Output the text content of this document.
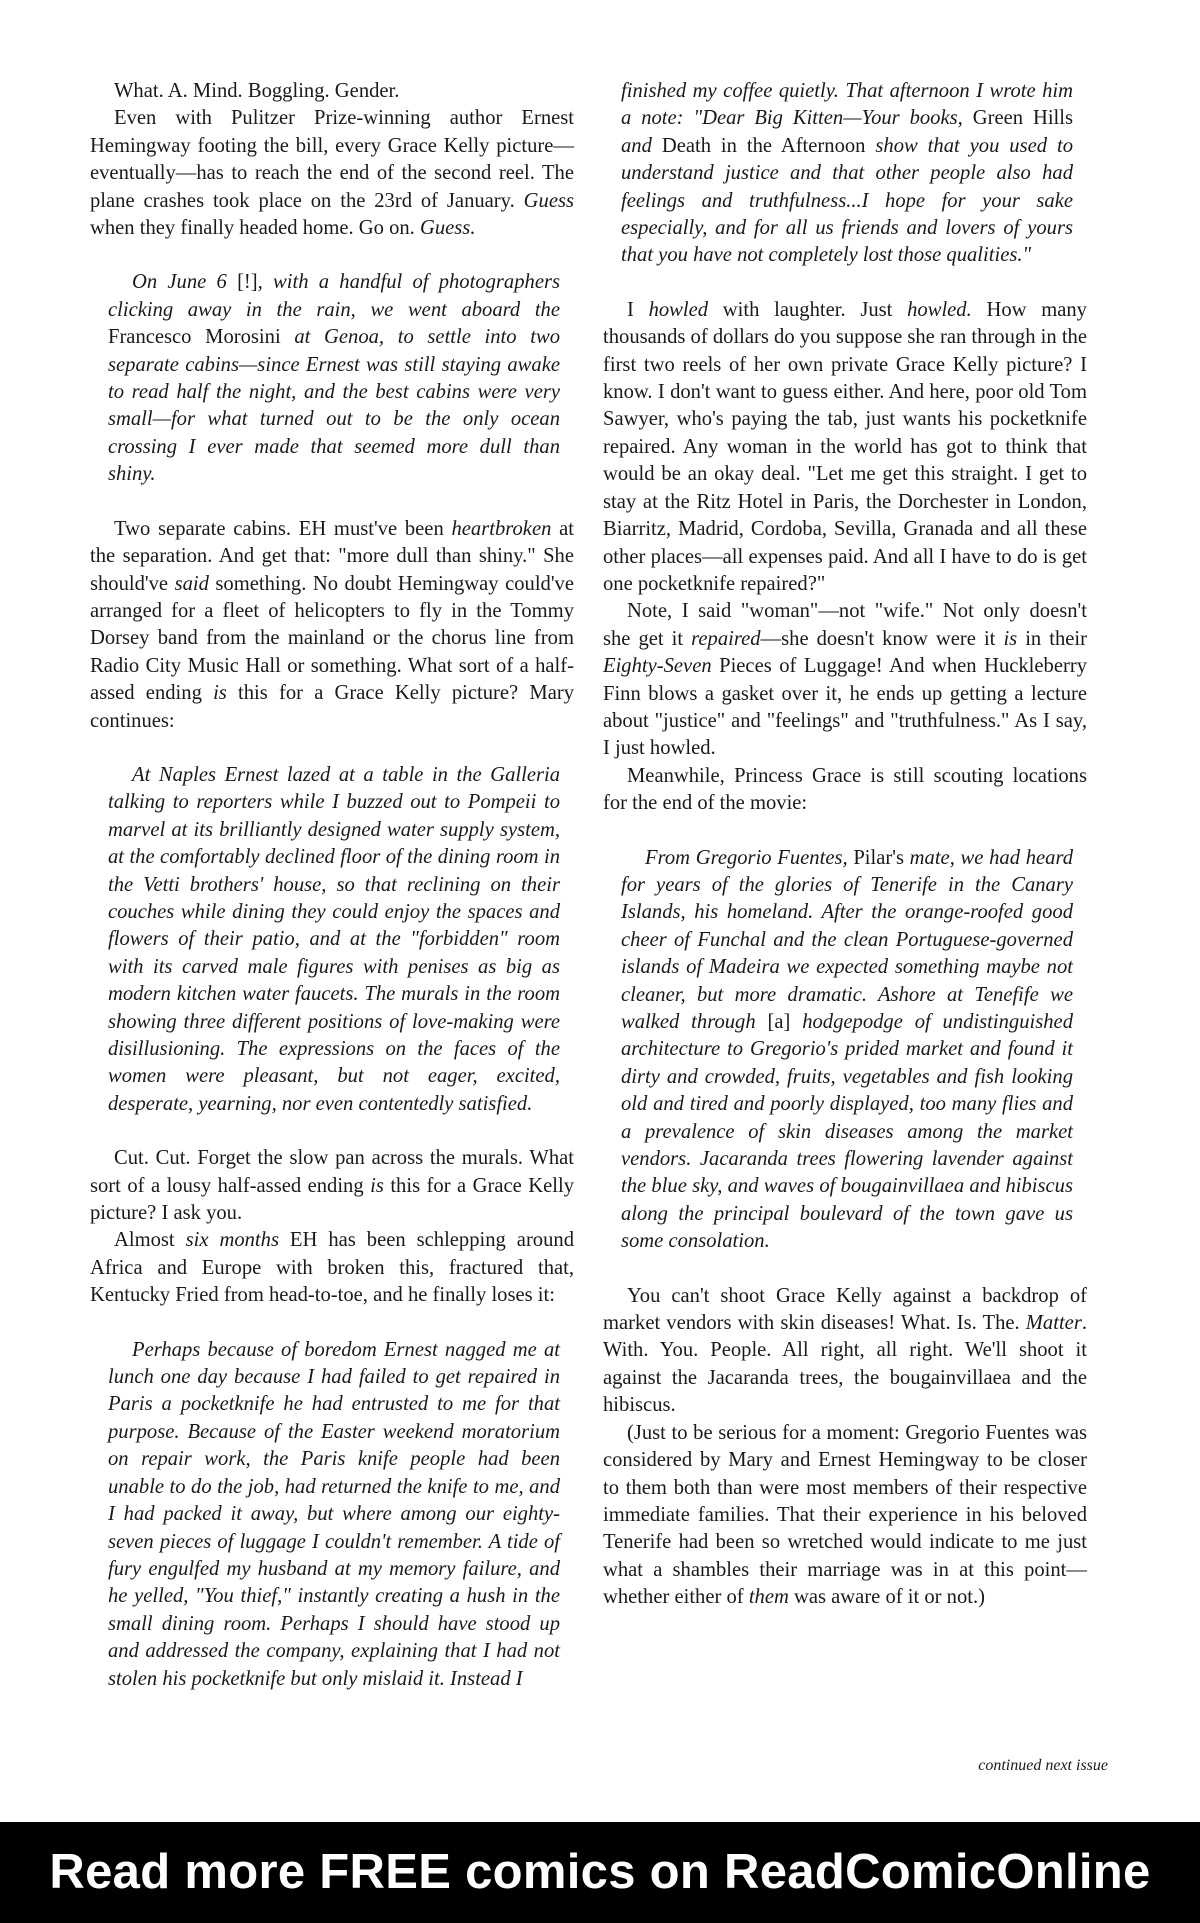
What. A. Mind. Boggling. Gender.

Even with Pulitzer Prize-winning author Ernest Hemingway footing the bill, every Grace Kelly picture—eventually—has to reach the end of the second reel. The plane crashes took place on the 23rd of January. Guess when they finally headed home. Go on. Guess.

On June 6 [!], with a handful of photographers clicking away in the rain, we went aboard the Francesco Morosini at Genoa, to settle into two separate cabins—since Ernest was still staying awake to read half the night, and the best cabins were very small—for what turned out to be the only ocean crossing I ever made that seemed more dull than shiny.

Two separate cabins. EH must've been heartbroken at the separation. And get that: "more dull than shiny." She should've said something. No doubt Hemingway could've arranged for a fleet of helicopters to fly in the Tommy Dorsey band from the mainland or the chorus line from Radio City Music Hall or something. What sort of a half-assed ending is this for a Grace Kelly picture? Mary continues:

At Naples Ernest lazed at a table in the Galleria talking to reporters while I buzzed out to Pompeii to marvel at its brilliantly designed water supply system, at the comfortably declined floor of the dining room in the Vetti brothers' house, so that reclining on their couches while dining they could enjoy the spaces and flowers of their patio, and at the "forbidden" room with its carved male figures with penises as big as modern kitchen water faucets. The murals in the room showing three different positions of love-making were disillusioning. The expressions on the faces of the women were pleasant, but not eager, excited, desperate, yearning, nor even contentedly satisfied.

Cut. Cut. Forget the slow pan across the murals. What sort of a lousy half-assed ending is this for a Grace Kelly picture? I ask you.

Almost six months EH has been schlepping around Africa and Europe with broken this, fractured that, Kentucky Fried from head-to-toe, and he finally loses it:

Perhaps because of boredom Ernest nagged me at lunch one day because I had failed to get repaired in Paris a pocketknife he had entrusted to me for that purpose. Because of the Easter weekend moratorium on repair work, the Paris knife people had been unable to do the job, had returned the knife to me, and I had packed it away, but where among our eighty-seven pieces of luggage I couldn't remember. A tide of fury engulfed my husband at my memory failure, and he yelled, "You thief," instantly creating a hush in the small dining room. Perhaps I should have stood up and addressed the company, explaining that I had not stolen his pocketknife but only mislaid it. Instead I

finished my coffee quietly. That afternoon I wrote him a note: "Dear Big Kitten—Your books, Green Hills and Death in the Afternoon show that you used to understand justice and that other people also had feelings and truthfulness...I hope for your sake especially, and for all us friends and lovers of yours that you have not completely lost those qualities."

I howled with laughter. Just howled. How many thousands of dollars do you suppose she ran through in the first two reels of her own private Grace Kelly picture? I know. I don't want to guess either. And here, poor old Tom Sawyer, who's paying the tab, just wants his pocketknife repaired. Any woman in the world has got to think that would be an okay deal. "Let me get this straight. I get to stay at the Ritz Hotel in Paris, the Dorchester in London, Biarritz, Madrid, Cordoba, Sevilla, Granada and all these other places—all expenses paid. And all I have to do is get one pocketknife repaired?"

Note, I said "woman"—not "wife." Not only doesn't she get it repaired—she doesn't know were it is in their Eighty-Seven Pieces of Luggage! And when Huckleberry Finn blows a gasket over it, he ends up getting a lecture about "justice" and "feelings" and "truthfulness." As I say, I just howled.

Meanwhile, Princess Grace is still scouting locations for the end of the movie:

From Gregorio Fuentes, Pilar's mate, we had heard for years of the glories of Tenerife in the Canary Islands, his homeland. After the orange-roofed good cheer of Funchal and the clean Portuguese-governed islands of Madeira we expected something maybe not cleaner, but more dramatic. Ashore at Tenefife we walked through [a] hodgepodge of undistinguished architecture to Gregorio's prided market and found it dirty and crowded, fruits, vegetables and fish looking old and tired and poorly displayed, too many flies and a prevalence of skin diseases among the market vendors. Jacaranda trees flowering lavender against the blue sky, and waves of bougainvillaea and hibiscus along the principal boulevard of the town gave us some consolation.

You can't shoot Grace Kelly against a backdrop of market vendors with skin diseases! What. Is. The. Matter. With. You. People. All right, all right. We'll shoot it against the Jacaranda trees, the bougainvillaea and the hibiscus.

(Just to be serious for a moment: Gregorio Fuentes was considered by Mary and Ernest Hemingway to be closer to them both than were most members of their respective immediate families. That their experience in his beloved Tenerife had been so wretched would indicate to me just what a shambles their marriage was in at this point—whether either of them was aware of it or not.)

continued next issue
Read more FREE comics on ReadComicOnline
